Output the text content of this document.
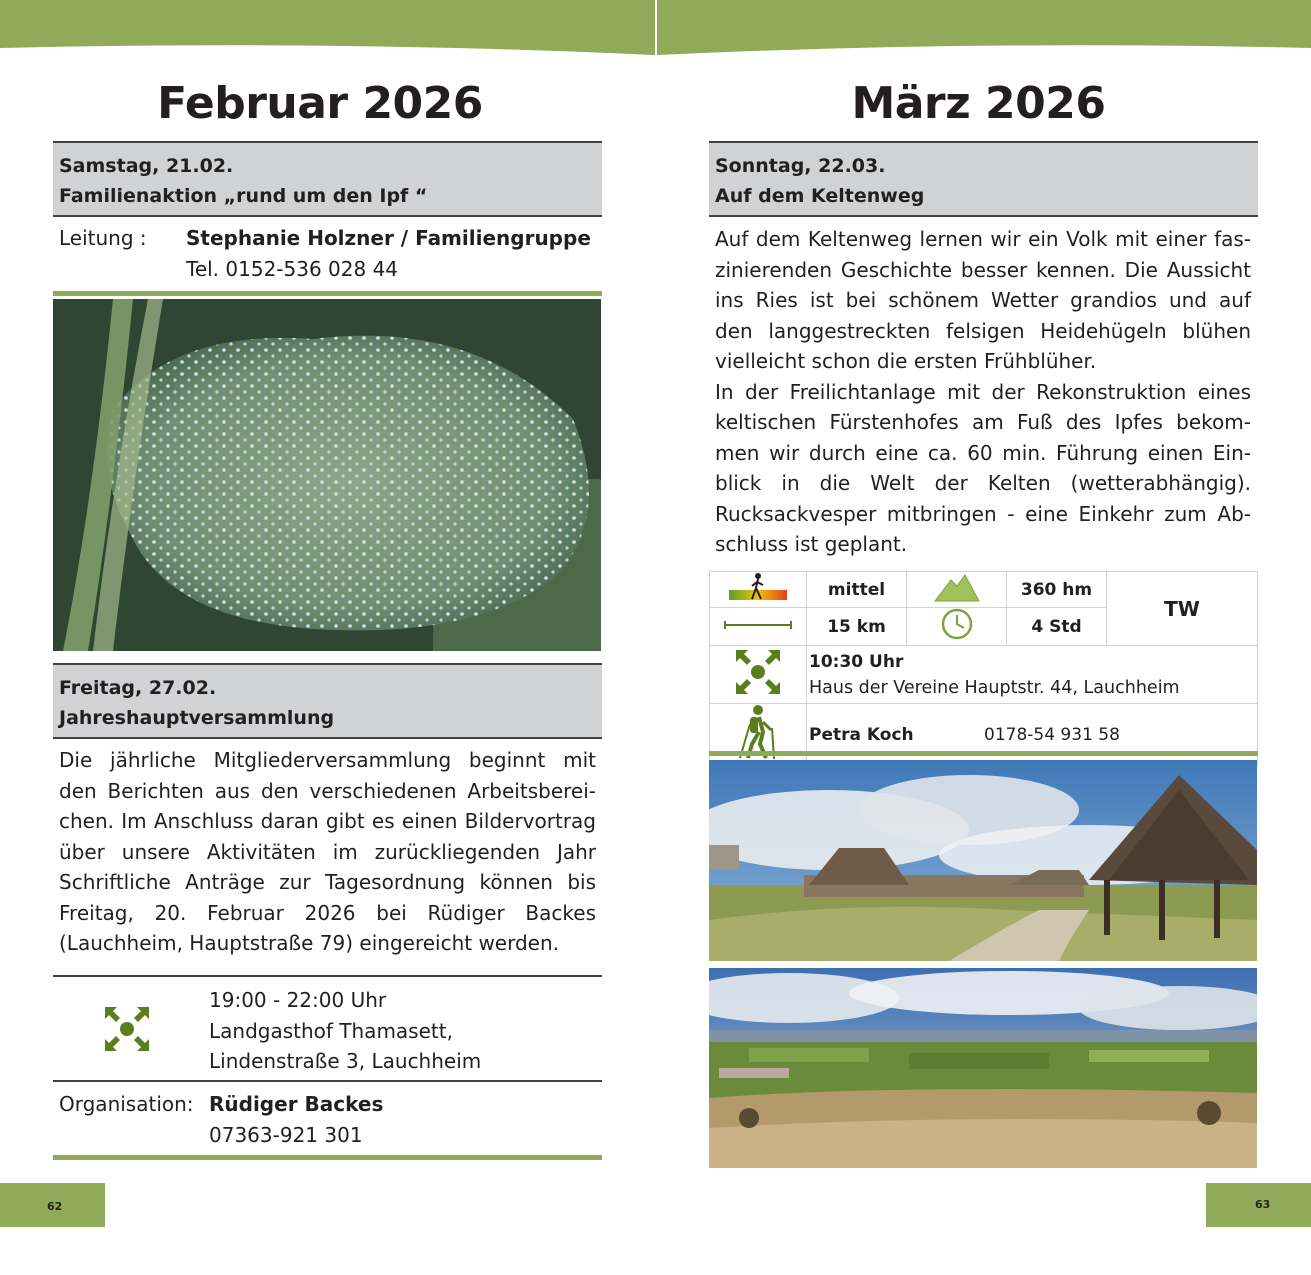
Februar 2026
Samstag, 21.02.
Familienaktion „rund um den Ipf “
Leitung : Stephanie Holzner / Familiengruppe
Tel. 0152-536 028 44
Freitag, 27.02.
Jahreshauptversammlung
Die jährliche Mitgliederversammlung beginnt mit
den Berichten aus den verschiedenen Arbeitsberei-
chen. Im Anschluss daran gibt es einen Bildervortrag
über unsere Aktivitäten im zurückliegenden Jahr
Schriftliche Anträge zur Tagesordnung können bis
Freitag, 20. Februar 2026 bei Rüdiger Backes
(Lauchheim, Hauptstraße 79) eingereicht werden.
19:00 - 22:00 Uhr
Landgasthof Thamasett,
Lindenstraße 3, Lauchheim
Organisation: Rüdiger Backes
07363-921 301
62
März 2026
Sonntag, 22.03.
Auf dem Keltenweg
Auf dem Keltenweg lernen wir ein Volk mit einer fas-
zinierenden Geschichte besser kennen. Die Aussicht
ins Ries ist bei schönem Wetter grandios und auf
den langgestreckten felsigen Heidehügeln blühen
vielleicht schon die ersten Frühblüher.
In der Freilichtanlage mit der Rekonstruktion eines
keltischen Fürstenhofes am Fuß des Ipfes bekom-
men wir durch eine ca. 60 min. Führung einen Ein-
blick in die Welt der Kelten (wetterabhängig).
Rucksackvesper mitbringen - eine Einkehr zum Ab-
schluss ist geplant.
	mittel		360 hm	TW
	15 km		4 Std	

10:30 Uhr
Haus der Vereine Hauptstr. 44, Lauchheim			

	Petra Koch 0178-54 931 58			
63
